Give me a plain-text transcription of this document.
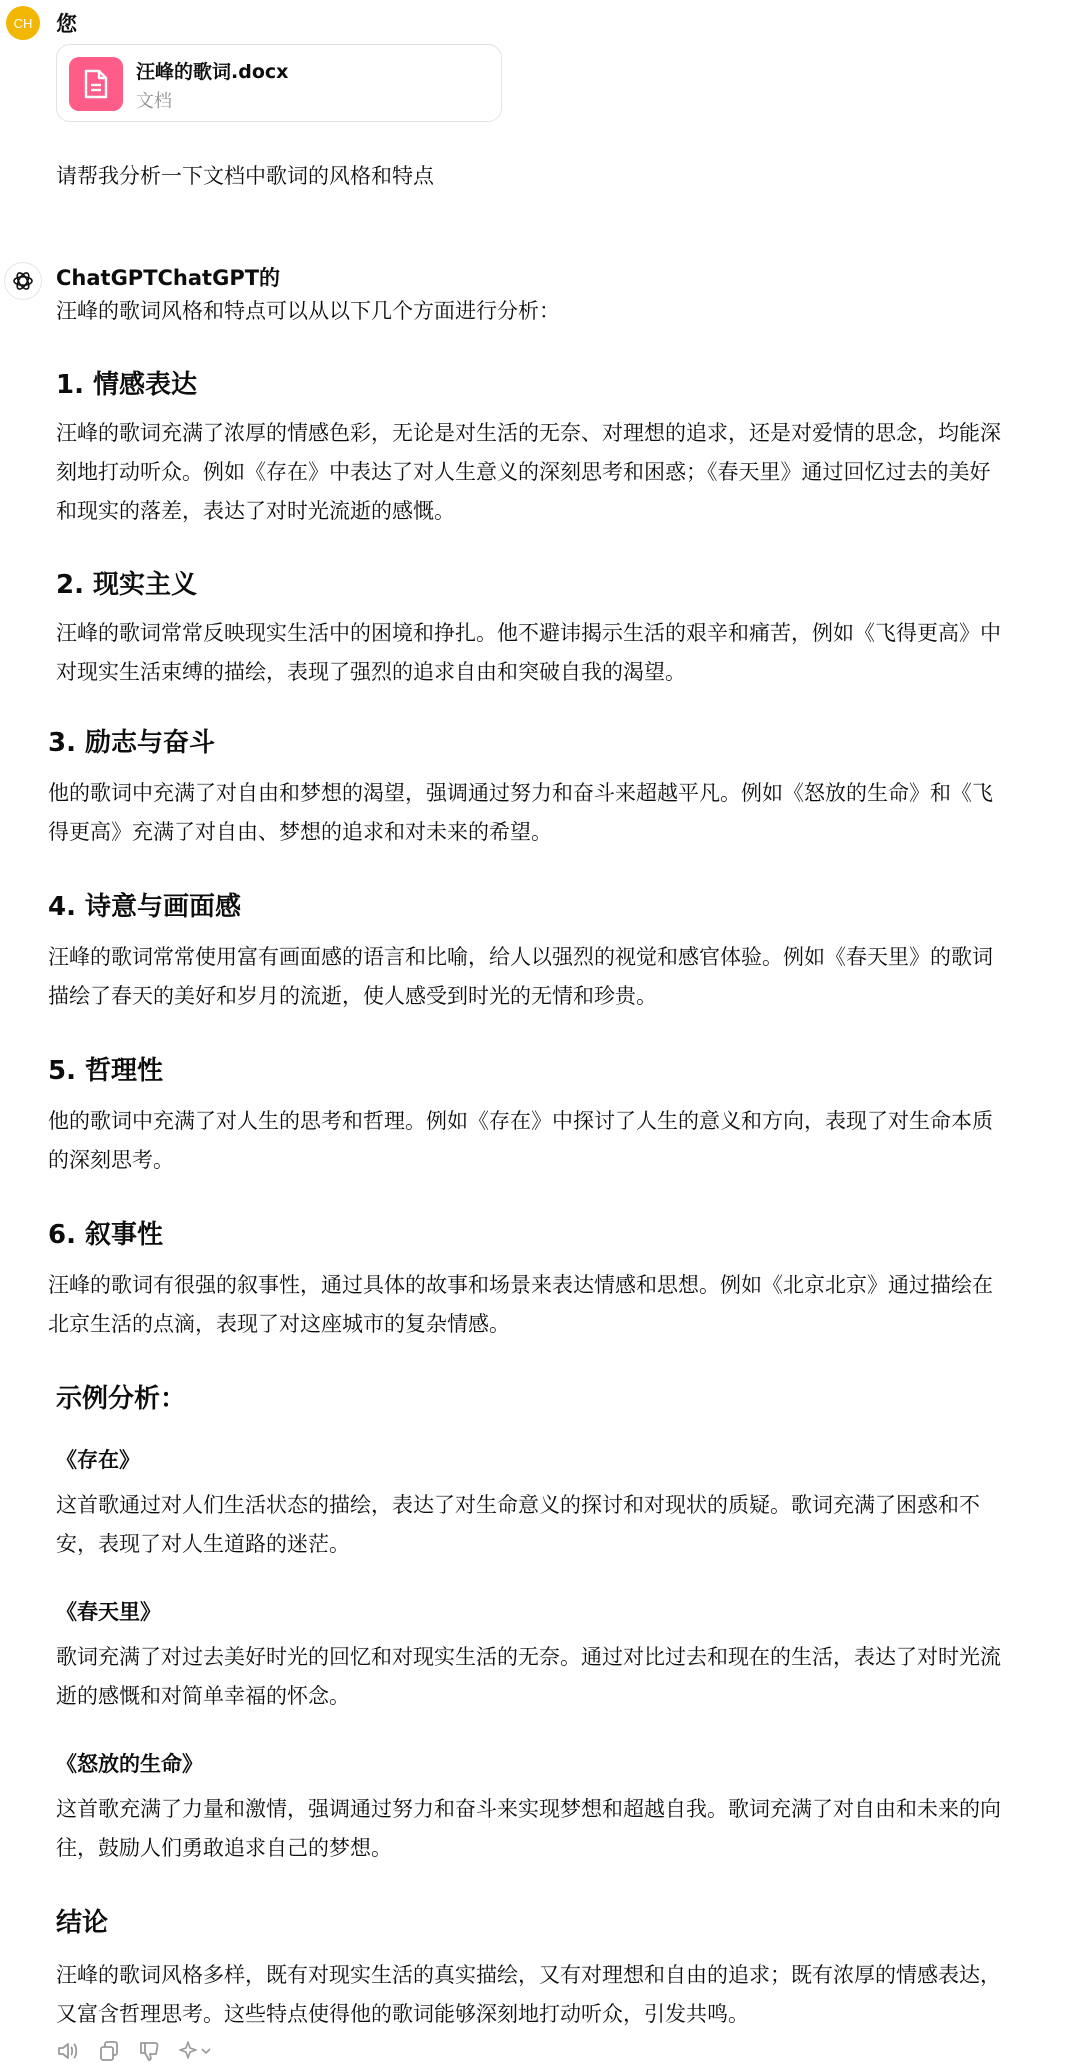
CH	您
汪峰的歌词.docx
文档
请帮我分析一下文档中歌词的风格和特点
ChatGPTChatGPT的
汪峰的歌词风格和特点可以从以下几个方面进行分析：
1. 情感表达
汪峰的歌词充满了浓厚的情感色彩，无论是对生活的无奈、对理想的追求，还是对爱情的思念，均能深
刻地打动听众。例如《存在》中表达了对人生意义的深刻思考和困惑；《春天里》通过回忆过去的美好
和现实的落差，表达了对时光流逝的感慨。
2. 现实主义
汪峰的歌词常常反映现实生活中的困境和挣扎。他不避讳揭示生活的艰辛和痛苦，例如《飞得更高》中
对现实生活束缚的描绘，表现了强烈的追求自由和突破自我的渴望。
3. 励志与奋斗
他的歌词中充满了对自由和梦想的渴望，强调通过努力和奋斗来超越平凡。例如《怒放的生命》和《飞
得更高》充满了对自由、梦想的追求和对未来的希望。
4. 诗意与画面感
汪峰的歌词常常使用富有画面感的语言和比喻，给人以强烈的视觉和感官体验。例如《春天里》的歌词
描绘了春天的美好和岁月的流逝，使人感受到时光的无情和珍贵。
5. 哲理性
他的歌词中充满了对人生的思考和哲理。例如《存在》中探讨了人生的意义和方向，表现了对生命本质
的深刻思考。
6. 叙事性
汪峰的歌词有很强的叙事性，通过具体的故事和场景来表达情感和思想。例如《北京北京》通过描绘在
北京生活的点滴，表现了对这座城市的复杂情感。
示例分析：
《存在》
这首歌通过对人们生活状态的描绘，表达了对生命意义的探讨和对现状的质疑。歌词充满了困惑和不
安，表现了对人生道路的迷茫。
《春天里》
歌词充满了对过去美好时光的回忆和对现实生活的无奈。通过对比过去和现在的生活，表达了对时光流
逝的感慨和对简单幸福的怀念。
《怒放的生命》
这首歌充满了力量和激情，强调通过努力和奋斗来实现梦想和超越自我。歌词充满了对自由和未来的向
往，鼓励人们勇敢追求自己的梦想。
结论
汪峰的歌词风格多样，既有对现实生活的真实描绘，又有对理想和自由的追求；既有浓厚的情感表达，
又富含哲理思考。这些特点使得他的歌词能够深刻地打动听众，引发共鸣。
